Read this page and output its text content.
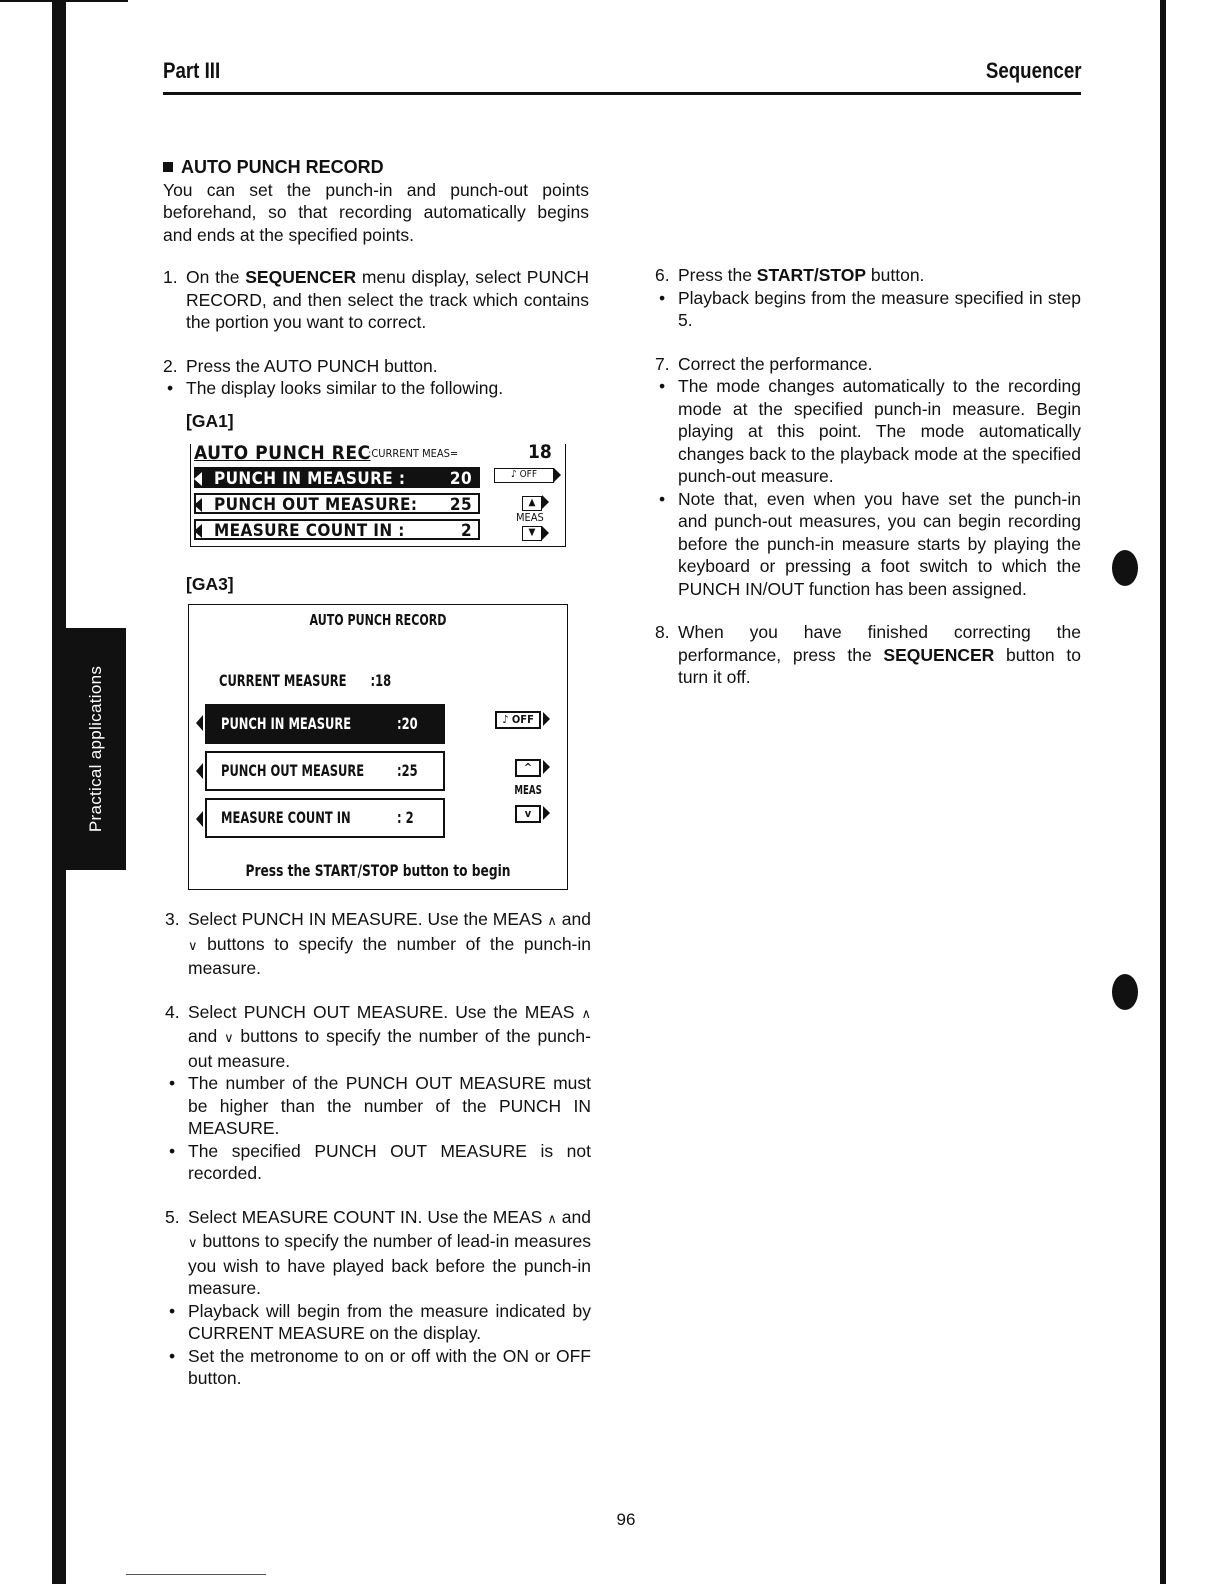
Practical applications
Part III	Sequencer

AUTO PUNCH RECORD

You can set the punch-in and punch-out points beforehand, so that recording automatically begins and ends at the specified points.

1. On the SEQUENCER menu display, select PUNCH RECORD, and then select the track which contains the portion you want to correct.
2. Press the AUTO PUNCH button.
• The display looks similar to the following.
[GA1]
AUTO PUNCH REC
:CURRENT MEAS=	18
PUNCH IN MEASURE :	20
PUNCH OUT MEASURE: 25
MEASURE COUNT IN :	2
♪ OFF
▲
MEAS
▼
[GA3]
AUTO PUNCH RECORD
CURRENT MEASURE :18
PUNCH IN MEASURE	:20
PUNCH OUT MEASURE :25
MEASURE COUNT IN	: 2
♪ OFF
^
MEAS
v
Press the START/STOP button to begin
3. Select PUNCH IN MEASURE. Use the MEAS ∧ and ∨ buttons to specify the number of the punch-in measure.
4. Select PUNCH OUT MEASURE. Use the MEAS ∧ and ∨ buttons to specify the number of the punch-out measure.
• The number of the PUNCH OUT MEASURE must be higher than the number of the PUNCH IN MEASURE.
• The specified PUNCH OUT MEASURE is not recorded.
5. Select MEASURE COUNT IN. Use the MEAS ∧ and ∨ buttons to specify the number of lead-in measures you wish to have played back before the punch-in measure.
• Playback will begin from the measure indicated by CURRENT MEASURE on the display.
• Set the metronome to on or off with the ON or OFF button.
6. Press the START/STOP button.
• Playback begins from the measure specified in step 5.
7. Correct the performance.
• The mode changes automatically to the recording mode at the specified punch-in measure. Begin playing at this point. The mode automatically changes back to the playback mode at the specified punch-out measure.
• Note that, even when you have set the punch-in and punch-out measures, you can begin recording before the punch-in measure starts by playing the keyboard or pressing a foot switch to which the PUNCH IN/OUT function has been assigned.
8. When you have finished correcting the performance, press the SEQUENCER button to turn it off.
96
